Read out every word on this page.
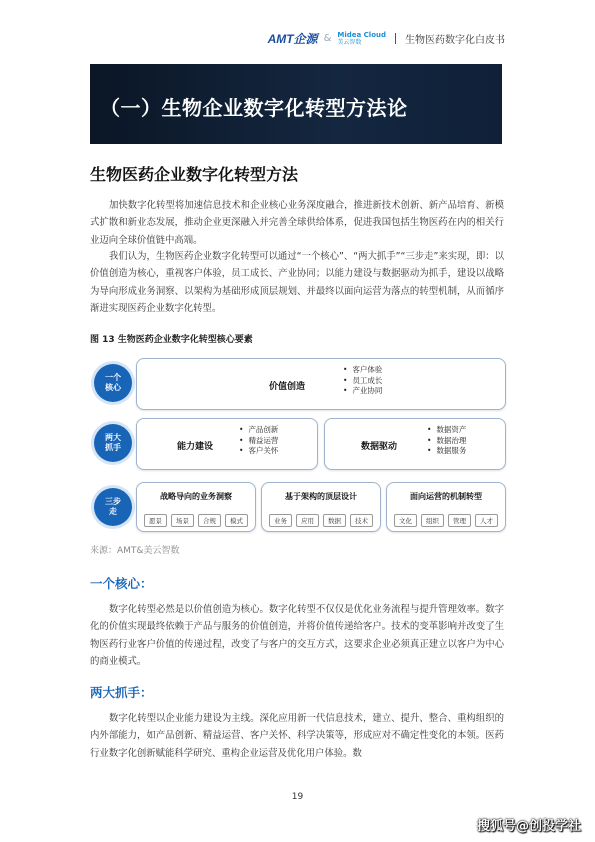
AMT企源 & Midea Cloud
美云智数	生物医药数字化白皮书
（一）生物企业数字化转型方法论
生物医药企业数字化转型方法

加快数字化转型将加速信息技术和企业核心业务深度融合，推进新技术创新、新产品培育、新模式扩散和新业态发展，推动企业更深融入并完善全球供给体系，促进我国包括生物医药在内的相关行业迈向全球价值链中高端。

我们认为，生物医药企业数字化转型可以通过“一个核心”、“两大抓手”“三步走”来实现，即：以价值创造为核心，重视客户体验，员工成长、产业协同；以能力建设与数据驱动为抓手，建设以战略为导向形成业务洞察、以架构为基础形成顶层规划、并最终以面向运营为落点的转型机制，从而循序渐进实现医药企业数字化转型。

图 13 生物医药企业数字化转型核心要素
一个
核心	价值创造
• 客户体验
• 员工成长
• 产业协同
两大
抓手	能力建设
• 产品创新
• 精益运营
• 客户关怀	数据驱动
• 数据资产
• 数据治理
• 数据服务
三步
走
战略导向的业务洞察
愿景	场景	合规	模式
基于架构的顶层设计
业务	应用	数据	技术
面向运营的机制转型
文化	组织	管理	人才
来源：AMT&美云智数
一个核心：

数字化转型必然是以价值创造为核心。数字化转型不仅仅是优化业务流程与提升管理效率。数字化的价值实现最终依赖于产品与服务的价值创造，并将价值传递给客户。技术的变革影响并改变了生物医药行业客户价值的传递过程，改变了与客户的交互方式，这要求企业必须真正建立以客户为中心的商业模式。

两大抓手：

数字化转型以企业能力建设为主线。深化应用新一代信息技术，建立、提升、整合、重构组织的内外部能力，如产品创新、精益运营、客户关怀、科学决策等，形成应对不确定性变化的本领。医药行业数字化创新赋能科学研究、重构企业运营及优化用户体验。数

19
搜狐号@创投学社
